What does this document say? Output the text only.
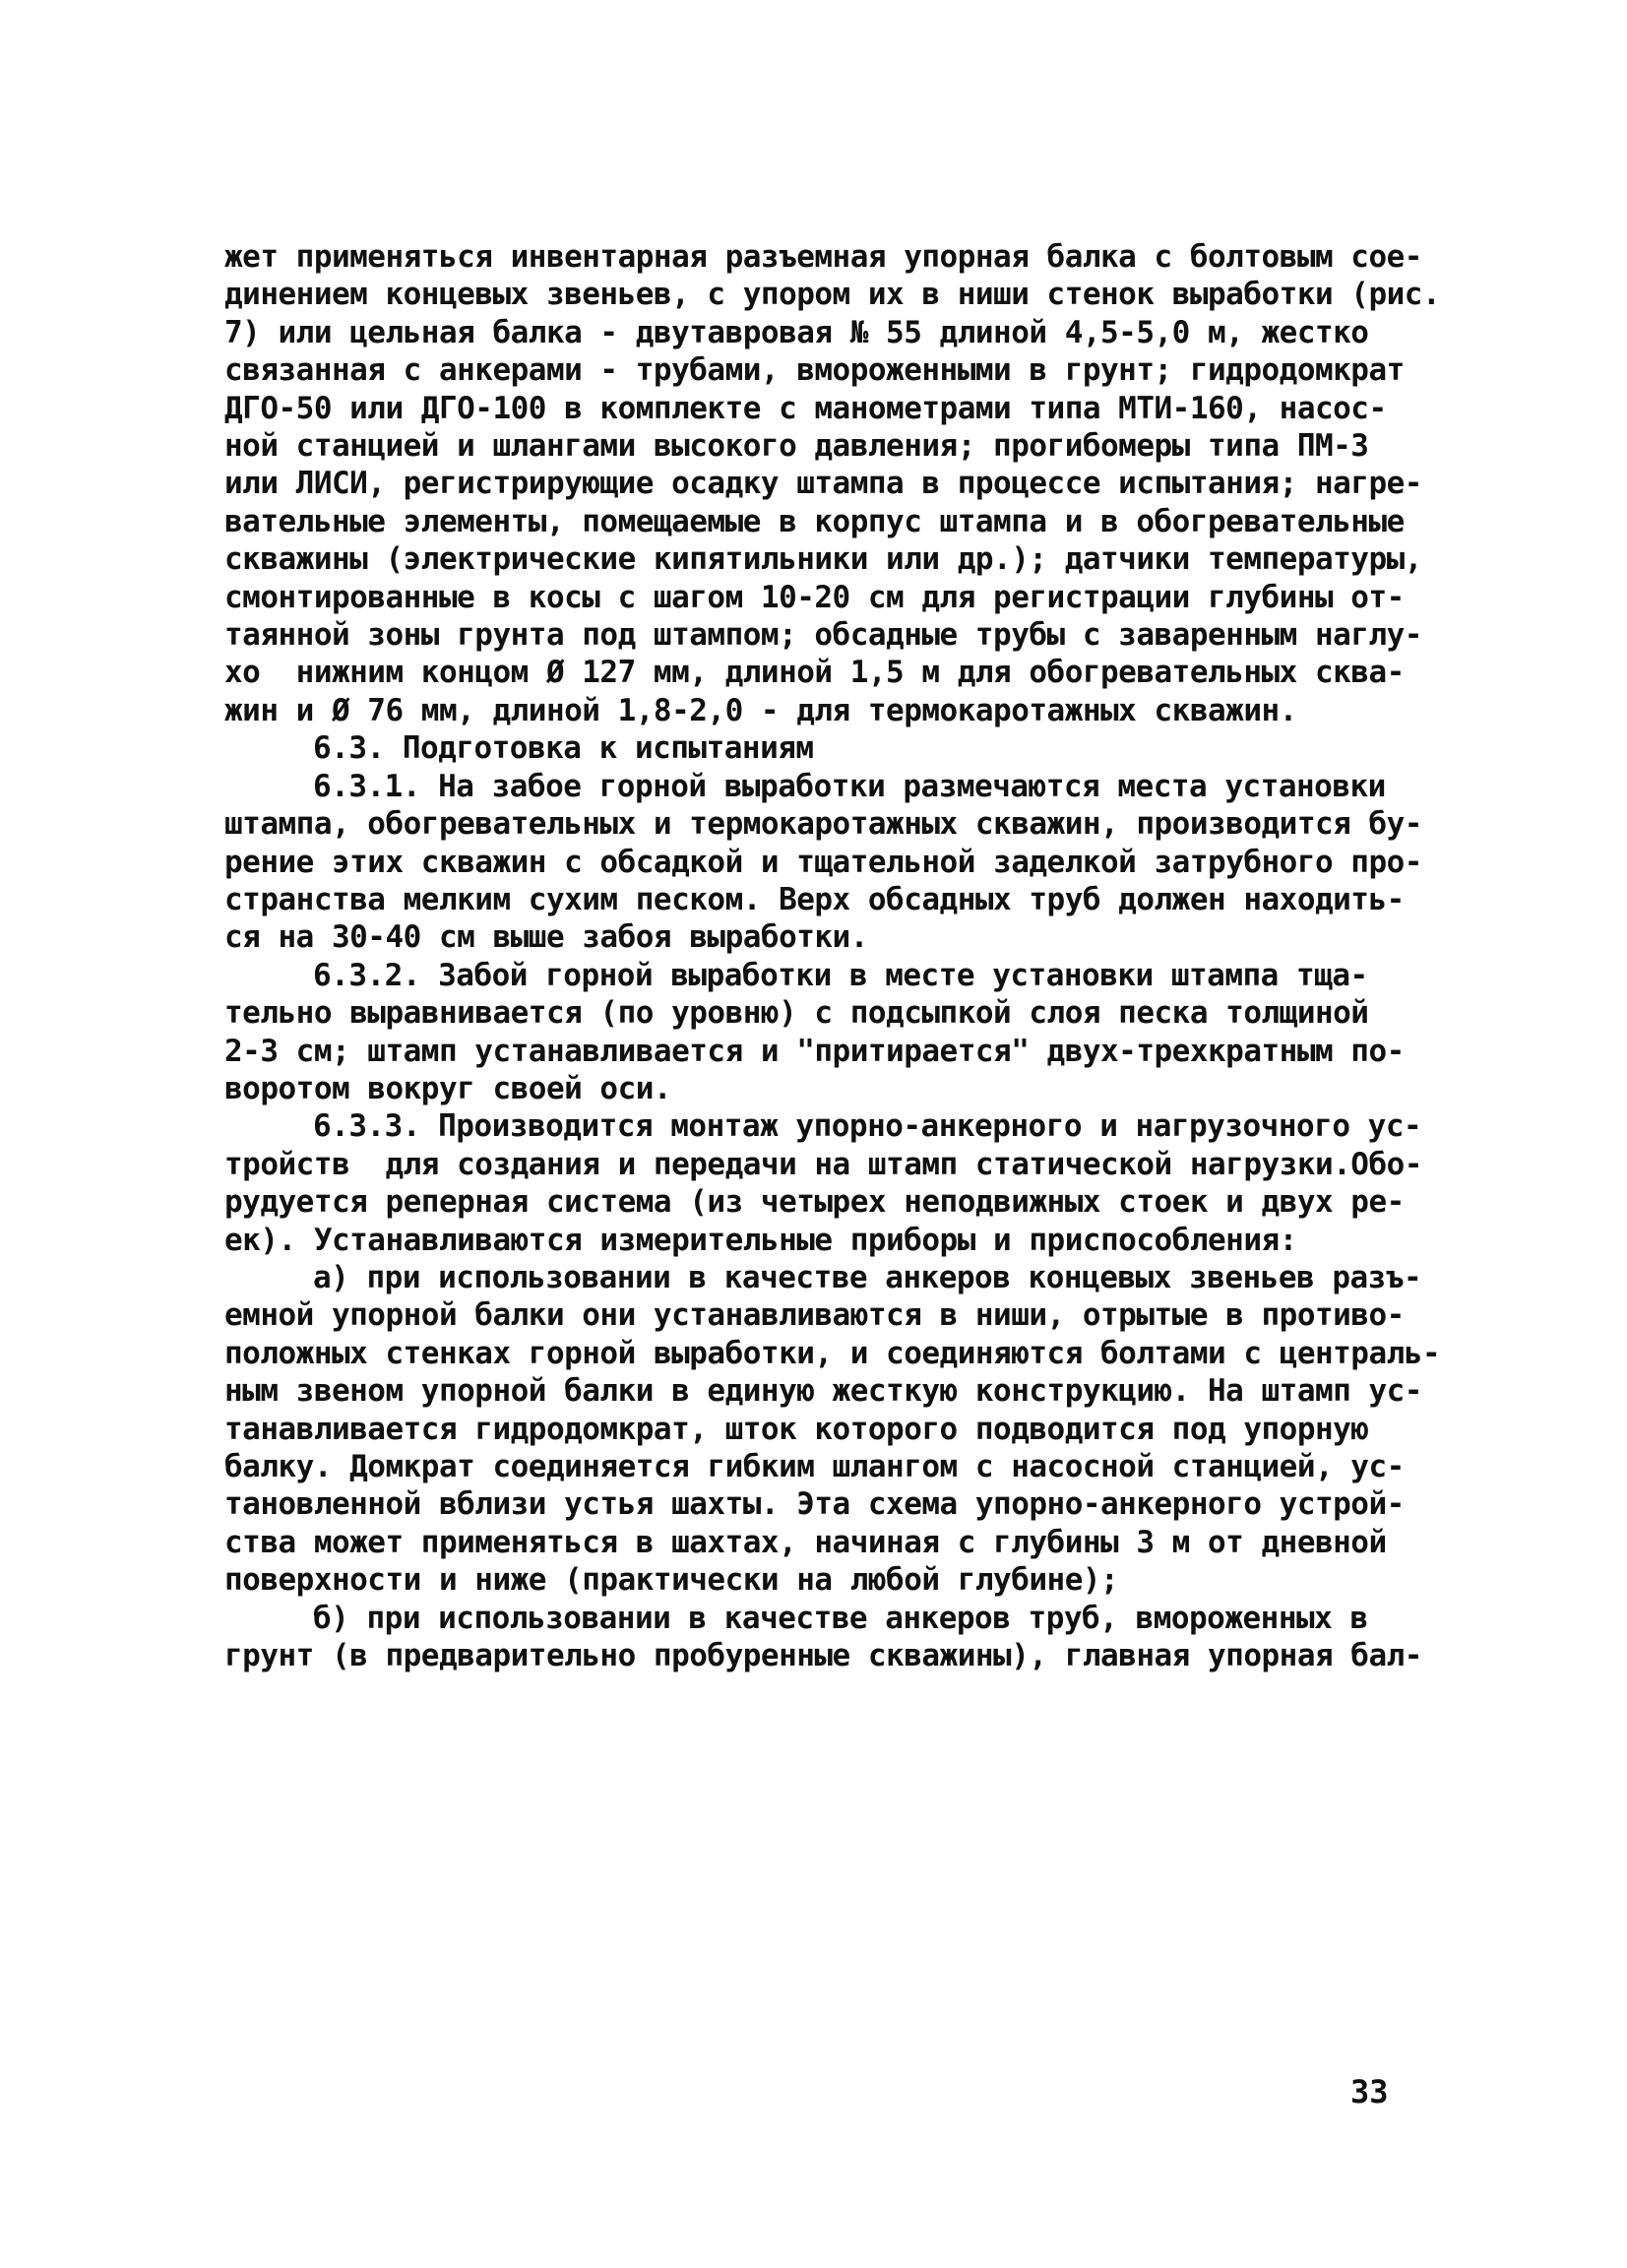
жет применяться инвентарная разъемная упорная балка с болтовым сое-
динением концевых звеньев, с упором их в ниши стенок выработки (рис.
7) или цельная балка - двутавровая № 55 длиной 4,5-5,0 м, жестко
связанная с анкерами - трубами, вмороженными в грунт; гидродомкрат
ДГО-50 или ДГО-100 в комплекте с манометрами типа МТИ-160, насос-
ной станцией и шлангами высокого давления; прогибомеры типа ПМ-3
или ЛИСИ, регистрирующие осадку штампа в процессе испытания; нагре-
вательные элементы, помещаемые в корпус штампа и в обогревательные
скважины (электрические кипятильники или др.); датчики температуры,
смонтированные в косы с шагом 10-20 см для регистрации глубины от-
таянной зоны грунта под штампом; обсадные трубы с заваренным наглу-
хо  нижним концом Ø 127 мм, длиной 1,5 м для обогревательных сква-
жин и Ø 76 мм, длиной 1,8-2,0 - для термокаротажных скважин.
6.3. Подготовка к испытаниям
6.3.1. На забое горной выработки размечаются места установки
штампа, обогревательных и термокаротажных скважин, производится бу-
рение этих скважин с обсадкой и тщательной заделкой затрубного про-
странства мелким сухим песком. Верх обсадных труб должен находить-
ся на 30-40 см выше забоя выработки.
6.3.2. Забой горной выработки в месте установки штампа тща-
тельно выравнивается (по уровню) с подсыпкой слоя песка толщиной
2-3 см; штамп устанавливается и "притирается" двух-трехкратным по-
воротом вокруг своей оси.
6.3.3. Производится монтаж упорно-анкерного и нагрузочного ус-
тройств  для создания и передачи на штамп статической нагрузки.Обо-
рудуется реперная система (из четырех неподвижных стоек и двух ре-
ек). Устанавливаются измерительные приборы и приспособления:
а) при использовании в качестве анкеров концевых звеньев разъ-
емной упорной балки они устанавливаются в ниши, отрытые в противо-
положных стенках горной выработки, и соединяются болтами с централь-
ным звеном упорной балки в единую жесткую конструкцию. На штамп ус-
танавливается гидродомкрат, шток которого подводится под упорную
балку. Домкрат соединяется гибким шлангом с насосной станцией, ус-
тановленной вблизи устья шахты. Эта схема упорно-анкерного устрой-
ства может применяться в шахтах, начиная с глубины 3 м от дневной
поверхности и ниже (практически на любой глубине);
б) при использовании в качестве анкеров труб, вмороженных в
грунт (в предварительно пробуренные скважины), главная упорная бал-
33
